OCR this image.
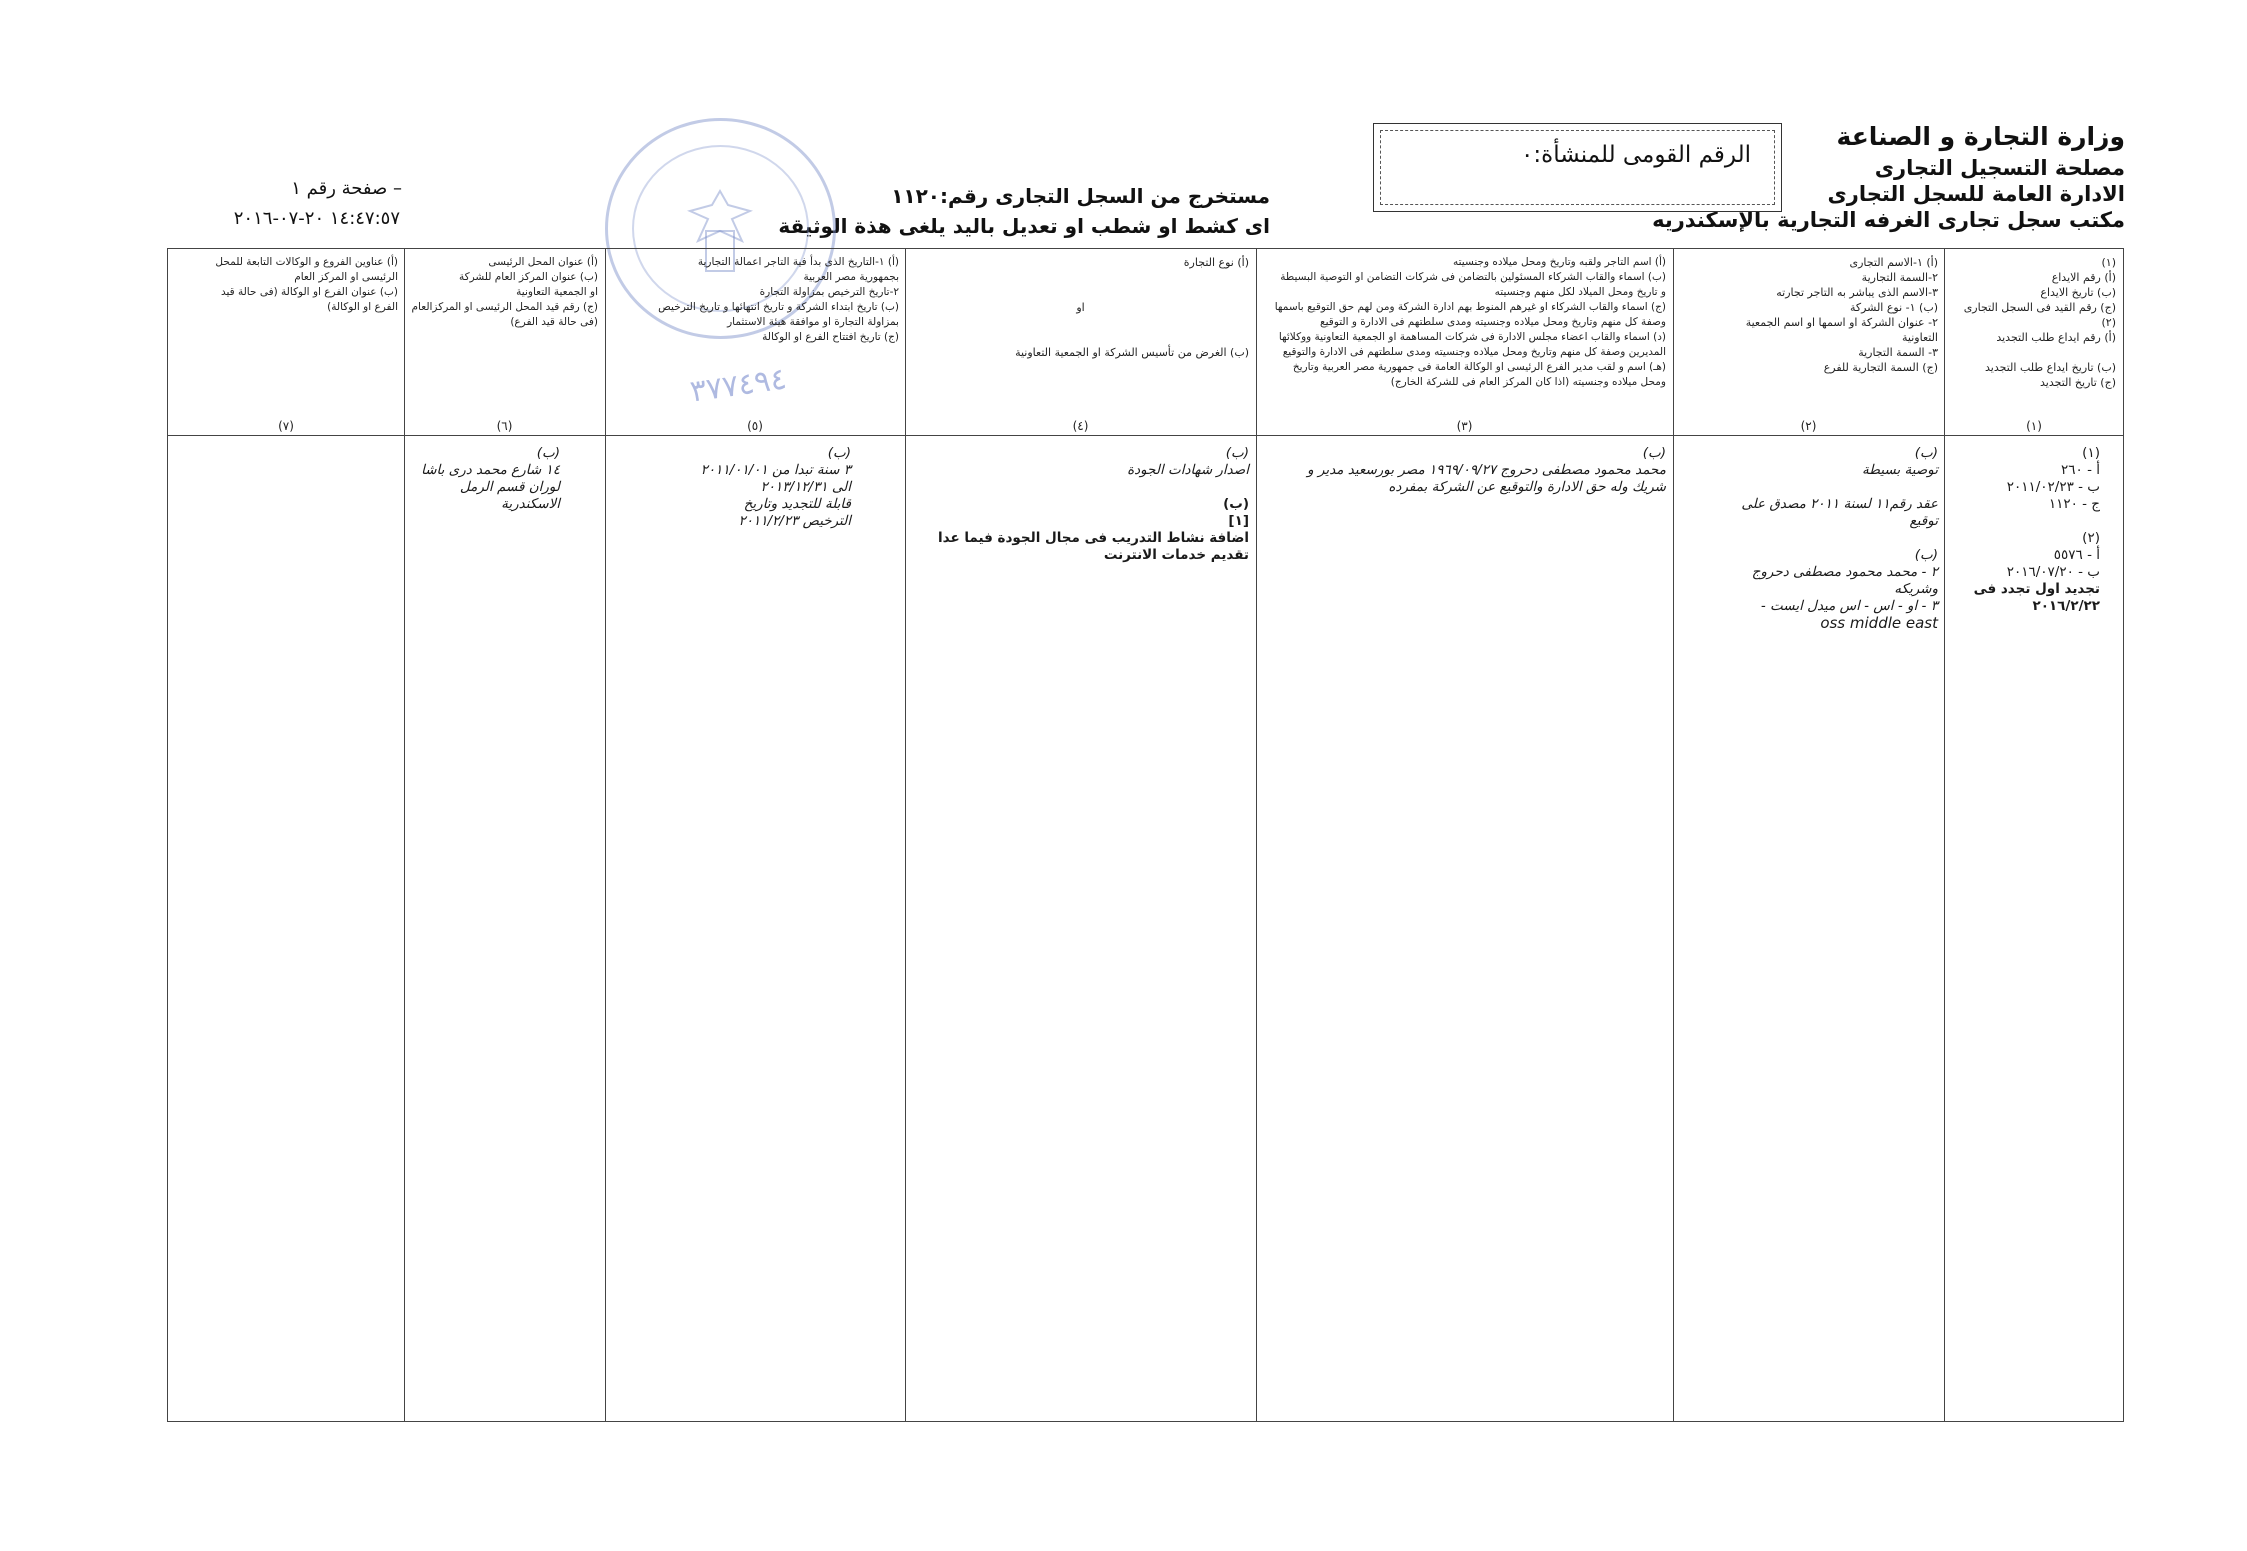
وزارة التجارة و الصناعة
مصلحة التسجيل التجارى
الادارة العامة للسجل التجارى
مكتب سجل تجارى الغرفه التجارية بالإسكندريه
الرقم القومى للمنشأة:٠
مستخرج من السجل التجارى رقم:١١٢٠
اى كشط او شطب او تعديل باليد يلغى هذة الوثيقة
– صفحة رقم ١
١٤:٤٧:٥٧ ٢٠-٠٧-٢٠١٦
٣٧٧٤٩٤
(١)
(أ) رقم الايداع
(ب) تاريخ الايداع
(ج) رقم القيد فى السجل التجارى
(٢)
(أ) رقم ايداع طلب التجديد

(ب) تاريخ ايداع طلب التجديد
(ج) تاريخ التجديد
(١)
(١)
أ - ٢٦٠
ب - ٢٠١١/٠٢/٢٣
ج - ١١٢٠

(٢)
أ - ٥٥٧٦
ب - ٢٠١٦/٠٧/٢٠
تجديد اول تجدد فى
٢٠١٦/٢/٢٢
(أ) ١-الاسم التجارى
٢-السمة التجارية
٣-الاسم الذى يباشر به التاجر تجارته
(ب) ١- نوع الشركة
٢- عنوان الشركة او اسمها او اسم الجمعية
التعاونية
٣- السمة التجارية
(ج) السمة التجارية للفرع
(٢)
(ب)
توصية بسيطة

عقد رقم١١ لسنة ٢٠١١ مصدق على
توقيع

(ب)
٢ - محمد محمود مصطفى دحروج
وشريكه
٣ - او - اس - اس ميدل ايست -
oss middle east
(أ) اسم التاجر ولقبه وتاريخ ومحل ميلاده وجنسيته
(ب) اسماء والقاب الشركاء المسئولين بالتضامن فى شركات التضامن او التوصية البسيطة
و تاريخ ومحل الميلاد لكل منهم وجنسيته
(ج) اسماء والقاب الشركاء او غيرهم المنوط بهم ادارة الشركة ومن لهم حق التوقيع باسمها
وصفة كل منهم وتاريخ ومحل ميلاده وجنسيته ومدى سلطتهم فى الادارة و التوقيع
(د) اسماء والقاب اعضاء مجلس الادارة فى شركات المساهمة او الجمعية التعاونية ووكلائها
المديرين وصفة كل منهم وتاريخ ومحل ميلاده وجنسيته ومدى سلطتهم فى الادارة والتوقيع
(هـ) اسم و لقب مدير الفرع الرئيسى او الوكالة العامة فى جمهورية مصر العربية وتاريخ
ومحل ميلاده وجنسيته (اذا كان المركز العام فى للشركة الخارج)
(٣)
(ب)
محمد محمود مصطفى دحروج ١٩٦٩/٠٩/٢٧ مصر بورسعيد مدير و
شريك وله حق الادارة والتوقيع عن الشركة بمفرده
(أ) نوع التجارة

او

(ب) الغرض من تأسيس الشركة او الجمعية التعاونية
(٤)
(ب)
اصدار شهادات الجودة

(ب)
[١]
اضافة نشاط التدريب فى مجال الجودة فيما عدا
تقديم خدمات الانترنت
(أ) ١-التاريخ الذى بدأ فية التاجر اعمالة التجارية
بجمهورية مصر العربية
٢-تاريخ الترخيص بمزاولة التجارة
(ب) تاريخ ابتداء الشركة و تاريخ انتهائها و تاريخ الترخيص
بمزاولة التجارة او موافقة هيئة الاستثمار
(ج) تاريخ افتتاح الفرع او الوكالة
(٥)
(ب)
٣ سنة تبدا من ٢٠١١/٠١/٠١
الى ٢٠١٣/١٢/٣١
قابلة للتجديد وتاريخ
الترخيص ٢٠١١/٢/٢٣
(أ) عنوان المحل الرئيسى
(ب) عنوان المركز العام للشركة
او الجمعية التعاونية
(ج) رقم قيد المحل الرئيسى او المركزالعام
(فى حالة قيد الفرع)
(٦)
(ب)
١٤ شارع محمد درى باشا
لوران قسم الرمل
الاسكندرية
(أ) عناوين الفروع و الوكالات التابعة للمحل
الرئيسى او المركز العام
(ب) عنوان الفرع او الوكالة (فى حالة قيد
الفرع او الوكالة)
(٧)
